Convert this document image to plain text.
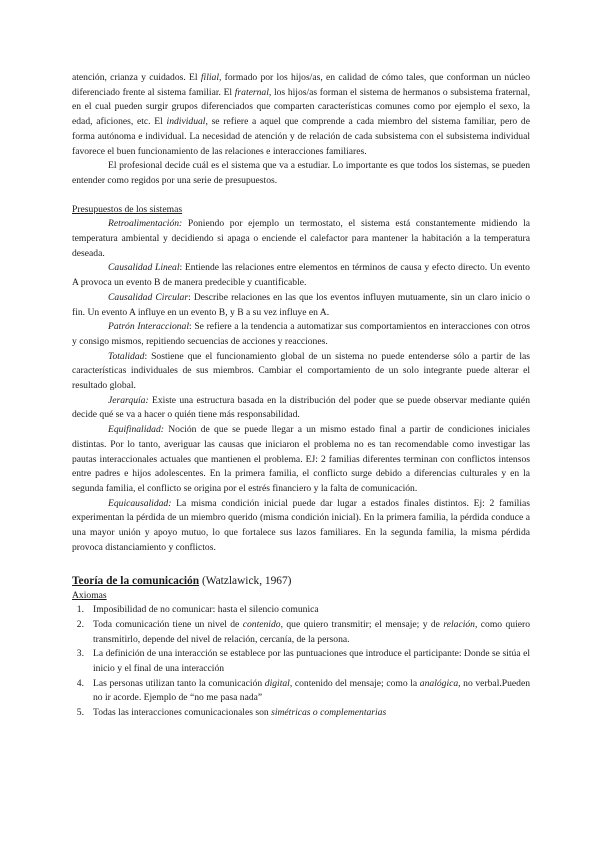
atención, crianza y cuidados. El filial, formado por los hijos/as, en calidad de cómo tales, que conforman un núcleo diferenciado frente al sistema familiar. El fraternal, los hijos/as forman el sistema de hermanos o subsistema fraternal, en el cual pueden surgir grupos diferenciados que comparten características comunes como por ejemplo el sexo, la edad, aficiones, etc. El individual, se refiere a aquel que comprende a cada miembro del sistema familiar, pero de forma autónoma e individual. La necesidad de atención y de relación de cada subsistema con el subsistema individual favorece el buen funcionamiento de las relaciones e interacciones familiares.

El profesional decide cuál es el sistema que va a estudiar. Lo importante es que todos los sistemas, se pueden entender como regidos por una serie de presupuestos.

Presupuestos de los sistemas

Retroalimentación: Poniendo por ejemplo un termostato, el sistema está constantemente midiendo la temperatura ambiental y decidiendo si apaga o enciende el calefactor para mantener la habitación a la temperatura deseada.

Causalidad Lineal: Entiende las relaciones entre elementos en términos de causa y efecto directo. Un evento A provoca un evento B de manera predecible y cuantificable.

Causalidad Circular: Describe relaciones en las que los eventos influyen mutuamente, sin un claro inicio o fin. Un evento A influye en un evento B, y B a su vez influye en A.

Patrón Interaccional: Se refiere a la tendencia a automatizar sus comportamientos en interacciones con otros y consigo mismos, repitiendo secuencias de acciones y reacciones.

Totalidad: Sostiene que el funcionamiento global de un sistema no puede entenderse sólo a partir de las características individuales de sus miembros. Cambiar el comportamiento de un solo integrante puede alterar el resultado global.

Jerarquía: Existe una estructura basada en la distribución del poder que se puede observar mediante quién decide qué se va a hacer o quién tiene más responsabilidad.

Equifinalidad: Noción de que se puede llegar a un mismo estado final a partir de condiciones iniciales distintas. Por lo tanto, averiguar las causas que iniciaron el problema no es tan recomendable como investigar las pautas interaccionales actuales que mantienen el problema. EJ: 2 familias diferentes terminan con conflictos intensos entre padres e hijos adolescentes. En la primera familia, el conflicto surge debido a diferencias culturales y en la segunda familia, el conflicto se origina por el estrés financiero y la falta de comunicación.

Equicausalidad: La misma condición inicial puede dar lugar a estados finales distintos. Ej: 2 familias experimentan la pérdida de un miembro querido (misma condición inicial). En la primera familia, la pérdida conduce a una mayor unión y apoyo mutuo, lo que fortalece sus lazos familiares. En la segunda familia, la misma pérdida provoca distanciamiento y conflictos.

Teoría de la comunicación (Watzlawick, 1967)

Axiomas

1. Imposibilidad de no comunicar: hasta el silencio comunica
2. Toda comunicación tiene un nivel de contenido, que quiero transmitir; el mensaje; y de relación, como quiero transmitirlo, depende del nivel de relación, cercanía, de la persona.
3. La definición de una interacción se establece por las puntuaciones que introduce el participante: Donde se sitúa el inicio y el final de una interacción
4. Las personas utilizan tanto la comunicación digital, contenido del mensaje; como la analógica, no verbal.Pueden no ir acorde. Ejemplo de “no me pasa nada”
5. Todas las interacciones comunicacionales son simétricas o complementarias
